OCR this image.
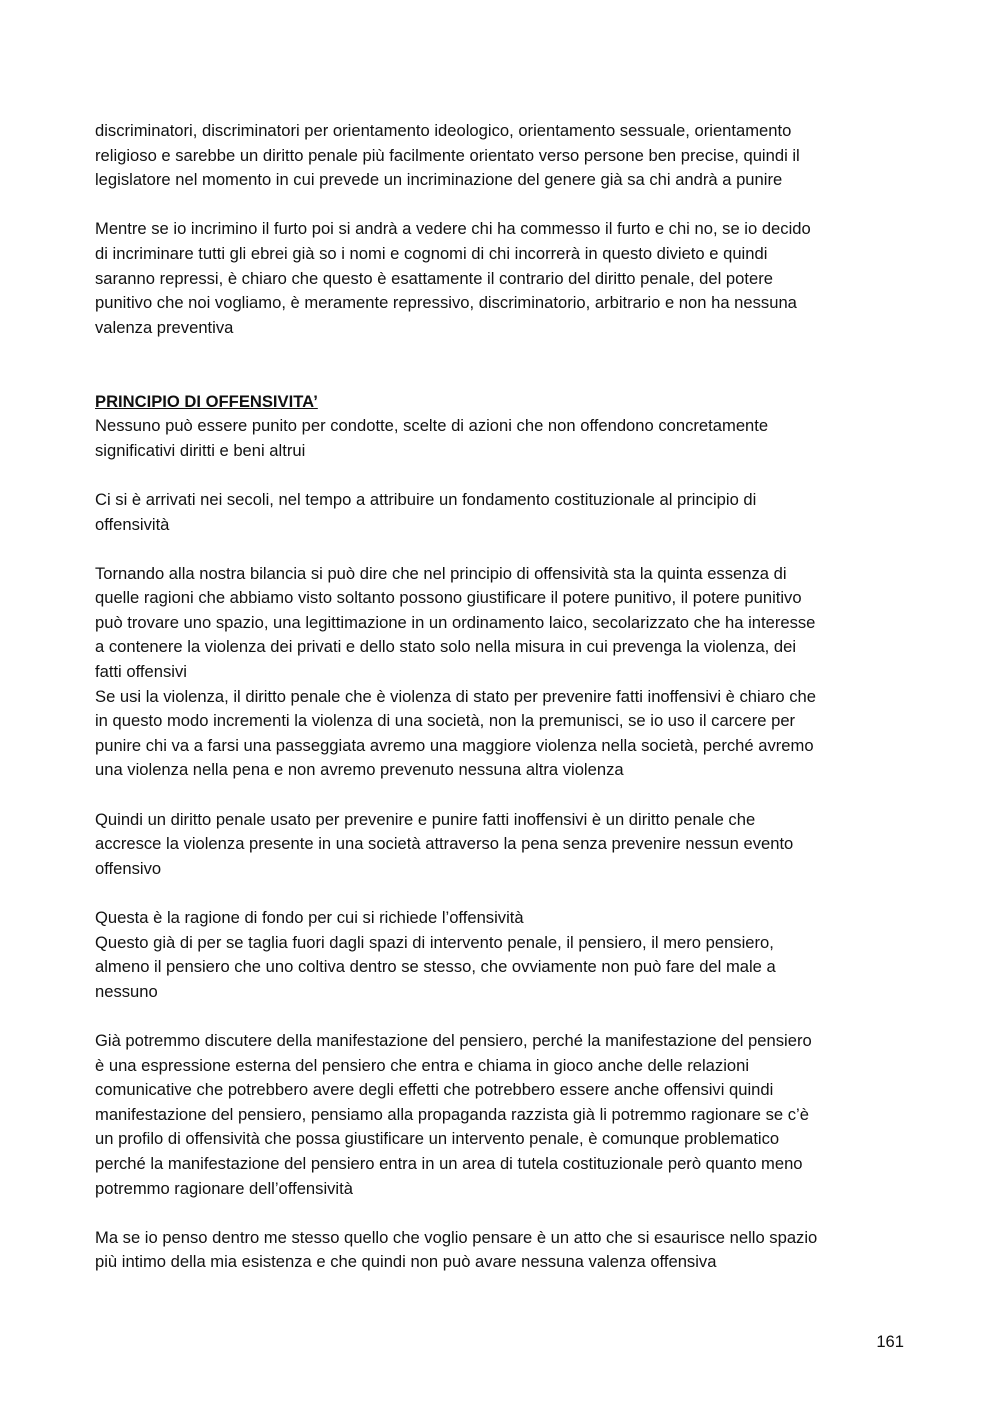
discriminatori, discriminatori per orientamento ideologico, orientamento sessuale, orientamento
religioso e sarebbe un diritto penale più facilmente orientato verso persone ben precise, quindi il
legislatore nel momento in cui prevede un incriminazione del genere già sa chi andrà a punire
Mentre se io incrimino il furto poi si andrà a vedere chi ha commesso il furto e chi no, se io decido
di incriminare tutti gli ebrei già so i nomi e cognomi di chi incorrerà in questo divieto e quindi
saranno repressi, è chiaro che questo è esattamente il contrario del diritto penale, del potere
punitivo che noi vogliamo, è meramente repressivo, discriminatorio, arbitrario e non ha nessuna
valenza preventiva
PRINCIPIO DI OFFENSIVITA’
Nessuno può essere punito per condotte, scelte di azioni che non offendono concretamente
significativi diritti e beni altrui
Ci si è arrivati nei secoli, nel tempo a attribuire un fondamento costituzionale al principio di
offensività
Tornando alla nostra bilancia si può dire che nel principio di offensività sta la quinta essenza di
quelle ragioni che abbiamo visto soltanto possono giustificare il potere punitivo, il potere punitivo
può trovare uno spazio, una legittimazione in un ordinamento laico, secolarizzato che ha interesse
a contenere la violenza dei privati e dello stato solo nella misura in cui prevenga la violenza, dei
fatti offensivi
Se usi la violenza, il diritto penale che è violenza di stato per prevenire fatti inoffensivi è chiaro che
in questo modo incrementi la violenza di una società, non la premunisci, se io uso il carcere per
punire chi va a farsi una passeggiata avremo una maggiore violenza nella società, perché avremo
una violenza nella pena e non avremo prevenuto nessuna altra violenza
Quindi un diritto penale usato per prevenire e punire fatti inoffensivi è un diritto penale che
accresce la violenza presente in una società attraverso la pena senza prevenire nessun evento
offensivo
Questa è la ragione di fondo per cui si richiede l’offensività
Questo già di per se taglia fuori dagli spazi di intervento penale, il pensiero, il mero pensiero,
almeno il pensiero che uno coltiva dentro se stesso, che ovviamente non può fare del male a
nessuno
Già potremmo discutere della manifestazione del pensiero, perché la manifestazione del pensiero
è una espressione esterna del pensiero che entra e chiama in gioco anche delle relazioni
comunicative che potrebbero avere degli effetti che potrebbero essere anche offensivi quindi
manifestazione del pensiero, pensiamo alla propaganda razzista già li potremmo ragionare se c’è
un profilo di offensività che possa giustificare un intervento penale, è comunque problematico
perché la manifestazione del pensiero entra in un area di tutela costituzionale però quanto meno
potremmo ragionare dell’offensività
Ma se io penso dentro me stesso quello che voglio pensare è un atto che si esaurisce nello spazio
più intimo della mia esistenza e che quindi non può avare nessuna valenza offensiva
161
